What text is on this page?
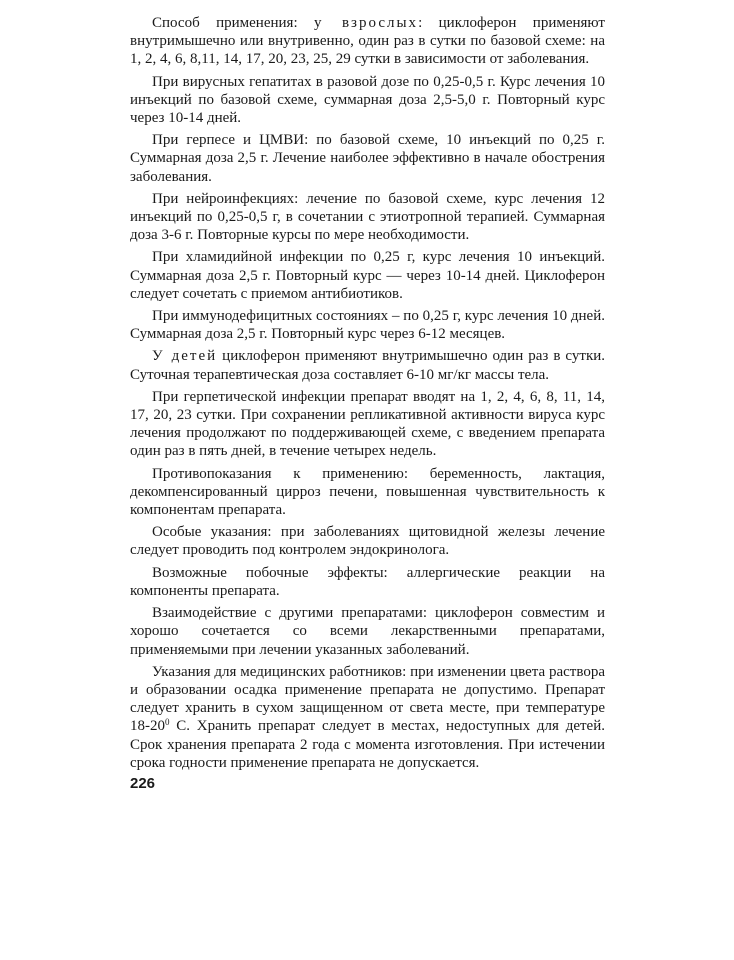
Способ применения: у взрослых: циклоферон применяют внутримышечно или внутривенно, один раз в сутки по базовой схеме: на 1, 2, 4, 6, 8,11, 14, 17, 20, 23, 25, 29 сутки в зависимости от заболевания.

При вирусных гепатитах в разовой дозе по 0,25-0,5 г. Курс лечения 10 инъекций по базовой схеме, суммарная доза 2,5-5,0 г. Повторный курс через 10-14 дней.

При герпесе и ЦМВИ: по базовой схеме, 10 инъекций по 0,25 г. Суммарная доза 2,5 г. Лечение наиболее эффективно в начале обострения заболевания.

При нейроинфекциях: лечение по базовой схеме, курс лечения 12 инъекций по 0,25-0,5 г, в сочетании с этиотропной терапией. Суммарная доза 3-6 г. Повторные курсы по мере необходимости.

При хламидийной инфекции по 0,25 г, курс лечения 10 инъекций. Суммарная доза 2,5 г. Повторный курс — через 10-14 дней. Циклоферон следует сочетать с приемом антибиотиков.

При иммунодефицитных состояниях – по 0,25 г, курс лечения 10 дней. Суммарная доза 2,5 г. Повторный курс через 6-12 месяцев.

У детей циклоферон применяют внутримышечно один раз в сутки. Суточная терапевтическая доза составляет 6-10 мг/кг массы тела.

При герпетической инфекции препарат вводят на 1, 2, 4, 6, 8, 11, 14, 17, 20, 23 сутки. При сохранении репликативной активности вируса курс лечения продолжают по поддерживающей схеме, с введением препарата один раз в пять дней, в течение четырех недель.

Противопоказания к применению: беременность, лактация, декомпенсированный цирроз печени, повышенная чувствительность к компонентам препарата.

Особые указания: при заболеваниях щитовидной железы лечение следует проводить под контролем эндокринолога.

Возможные побочные эффекты: аллергические реакции на компоненты препарата.

Взаимодействие с другими препаратами: циклоферон совместим и хорошо сочетается со всеми лекарственными препаратами, применяемыми при лечении указанных заболеваний.

Указания для медицинских работников: при изменении цвета раствора и образовании осадка применение препарата не допустимо. Препарат следует хранить в сухом защищенном от света месте, при температуре $18-20^0$ С. Хранить препарат следует в местах, недоступных для детей. Срок хранения препарата 2 года с момента изготовления. При истечении срока годности применение препарата не допускается.

226
